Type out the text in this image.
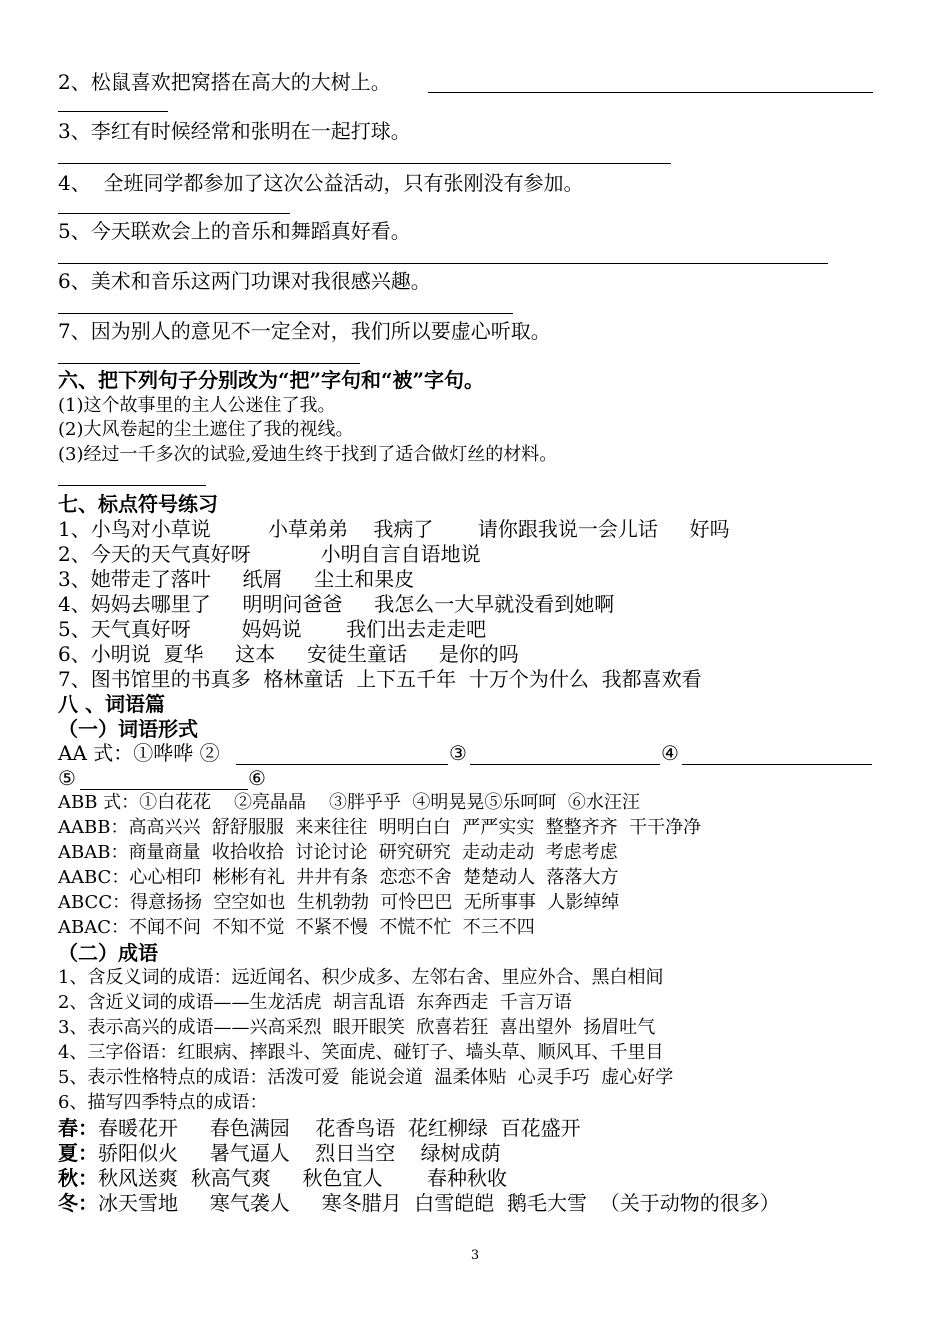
2、松鼠喜欢把窝搭在高大的大树上。
3、李红有时候经常和张明在一起打球。
4、  全班同学都参加了这次公益活动，只有张刚没有参加。
5、今天联欢会上的音乐和舞蹈真好看。
6、美术和音乐这两门功课对我很感兴趣。
7、因为别人的意见不一定全对，我们所以要虚心听取。
六、把下列句子分别改为“把”字句和“被”字句。
(1)这个故事里的主人公迷住了我。
(2)大风卷起的尘土遮住了我的视线。
(3)经过一千多次的试验,爱迪生终于找到了适合做灯丝的材料。
七、标点符号练习
1、小鸟对小草说         小草弟弟    我病了       请你跟我说一会儿话     好吗
2、今天的天气真好呀           小明自言自语地说
3、她带走了落叶     纸屑     尘土和果皮
4、妈妈去哪里了     明明问爸爸     我怎么一大早就没看到她啊
5、天气真好呀        妈妈说       我们出去走走吧
6、小明说  夏华     这本     安徒生童话     是你的吗
7、图书馆里的书真多  格林童话  上下五千年  十万个为什么  我都喜欢看
八 、词语篇
（一）词语形式
AA 式：①哗哗 ②	③	④
⑤	⑥
ABB 式：①白花花    ②亮晶晶    ③胖乎乎  ④明晃晃⑤乐呵呵  ⑥水汪汪
AABB：高高兴兴  舒舒服服  来来往往  明明白白  严严实实  整整齐齐  干干净净
ABAB：商量商量  收拾收拾  讨论讨论  研究研究  走动走动  考虑考虑
AABC：心心相印  彬彬有礼  井井有条  恋恋不舍  楚楚动人  落落大方
ABCC：得意扬扬  空空如也  生机勃勃  可怜巴巴  无所事事  人影绰绰
ABAC：不闻不问  不知不觉  不紧不慢  不慌不忙  不三不四
（二）成语
1、含反义词的成语：远近闻名、积少成多、左邻右舍、里应外合、黑白相间
2、含近义词的成语——生龙活虎  胡言乱语  东奔西走  千言万语
3、表示高兴的成语——兴高采烈  眼开眼笑  欣喜若狂  喜出望外  扬眉吐气
4、三字俗语：红眼病、摔跟斗、笑面虎、碰钉子、墙头草、顺风耳、千里目
5、表示性格特点的成语：活泼可爱  能说会道  温柔体贴  心灵手巧  虚心好学
6、描写四季特点的成语：
春：春暖花开     春色满园    花香鸟语  花红柳绿  百花盛开
夏：骄阳似火     暑气逼人    烈日当空    绿树成荫
秋：秋风送爽  秋高气爽     秋色宜人       春种秋收
冬：冰天雪地     寒气袭人     寒冬腊月  白雪皑皑  鹅毛大雪  （关于动物的很多）
3
